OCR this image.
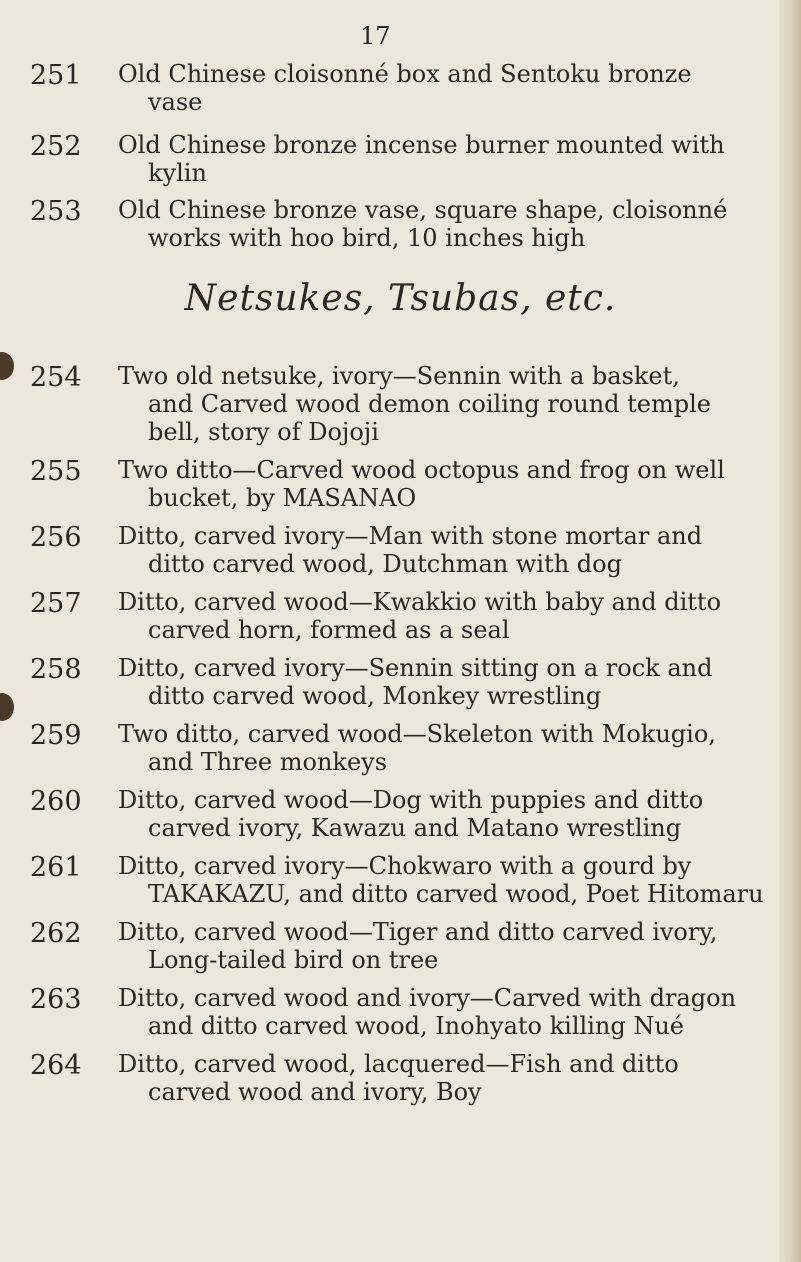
17
251	Old Chinese cloisonné box and Sentoku bronze
vase
252	Old Chinese bronze incense burner mounted with
kylin
253	Old Chinese bronze vase, square shape, cloisonné
works with hoo bird, 10 inches high
Netsukes, Tsubas, etc.
254	Two old netsuke, ivory—Sennin with a basket,
and Carved wood demon coiling round temple
bell, story of Dojoji
255	Two ditto—Carved wood octopus and frog on well
bucket, by MASANAO
256	Ditto, carved ivory—Man with stone mortar and
ditto carved wood, Dutchman with dog
257	Ditto, carved wood—Kwakkio with baby and ditto
carved horn, formed as a seal
258	Ditto, carved ivory—Sennin sitting on a rock and
ditto carved wood, Monkey wrestling
259	Two ditto, carved wood—Skeleton with Mokugio,
and Three monkeys
260	Ditto, carved wood—Dog with puppies and ditto
carved ivory, Kawazu and Matano wrestling
261	Ditto, carved ivory—Chokwaro with a gourd by
TAKAKAZU, and ditto carved wood, Poet Hitomaru
262	Ditto, carved wood—Tiger and ditto carved ivory,
Long-tailed bird on tree
263	Ditto, carved wood and ivory—Carved with dragon
and ditto carved wood, Inohyato killing Nué
264	Ditto, carved wood, lacquered—Fish and ditto
carved wood and ivory, Boy
